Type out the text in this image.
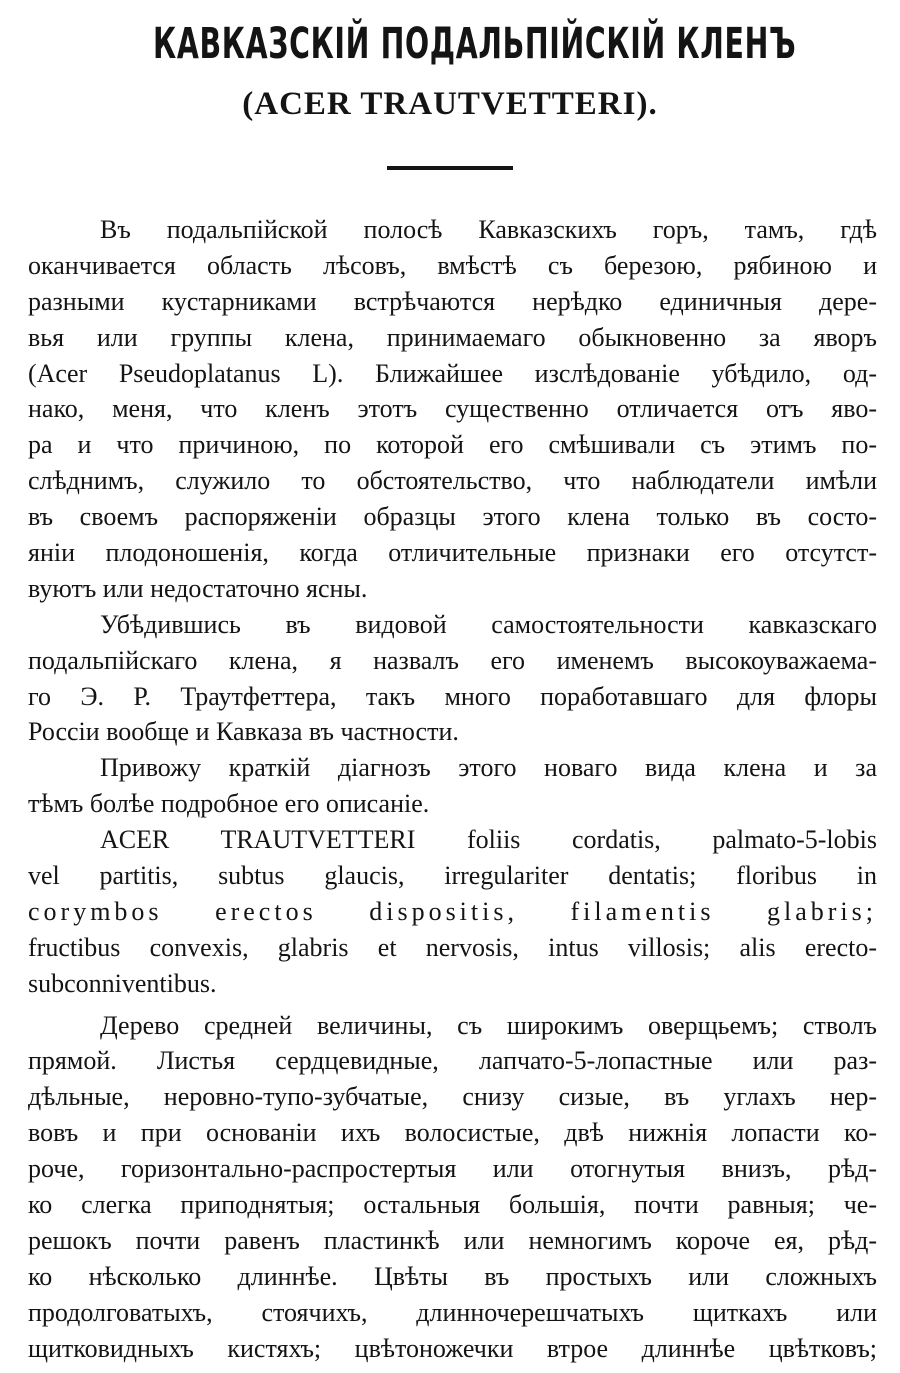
КАВКАЗСКІЙ ПОДАЛЬПІЙСКІЙ КЛЕНЪ
(ACER TRAUTVETTERI).
Въ подальпійской полосѣ Кавказскихъ горъ, тамъ, гдѣ
оканчивается область лѣсовъ, вмѣстѣ съ березою, рябиною и
разными кустарниками встрѣчаются нерѣдко единичныя дере-
вья или группы клена, принимаемаго обыкновенно за яворъ
(Acer Pseudoplatanus L). Ближайшее изслѣдованіе убѣдило, од-
нако, меня, что кленъ этотъ существенно отличается отъ яво-
ра и что причиною, по которой его смѣшивали съ этимъ по-
слѣднимъ, служило то обстоятельство, что наблюдатели имѣли
въ своемъ распоряженіи образцы этого клена только въ состо-
яніи плодоношенія, когда отличительные признаки его отсутст-
вуютъ или недостаточно ясны.
Убѣдившись въ видовой самостоятельности кавказскаго
подальпійскаго клена, я назвалъ его именемъ высокоуважаема-
го Э. Р. Траутфеттера, такъ много поработавшаго для флоры
Россіи вообще и Кавказа въ частности.
Привожу краткій діагнозъ этого новаго вида клена и за
тѣмъ болѣе подробное его описаніе.
ACER TRAUTVETTERI foliis cordatis, palmato-5-lobis
vel partitis, subtus glaucis, irregulariter dentatis; floribus in
corymbos erectos dispositis, filamentis glabris;
fructibus convexis, glabris et nervosis, intus villosis; alis erecto-
subconniventibus.
Дерево средней величины, съ широкимъ оверщьемъ; стволъ
прямой. Листья сердцевидные, лапчато-5-лопастные или раз-
дѣльные, неровно-тупо-зубчатые, снизу сизые, въ углахъ нер-
вовъ и при основаніи ихъ волосистые, двѣ нижнія лопасти ко-
роче, горизонтально-распростертыя или отогнутыя внизъ, рѣд-
ко слегка приподнятыя; остальныя большія, почти равныя; че-
решокъ почти равенъ пластинкѣ или немногимъ короче ея, рѣд-
ко нѣсколько длиннѣе. Цвѣты въ простыхъ или сложныхъ
продолговатыхъ, стоячихъ, длинночерешчатыхъ щиткахъ или
щитковидныхъ кистяхъ; цвѣтоножечки втрое длиннѣе цвѣтковъ;
